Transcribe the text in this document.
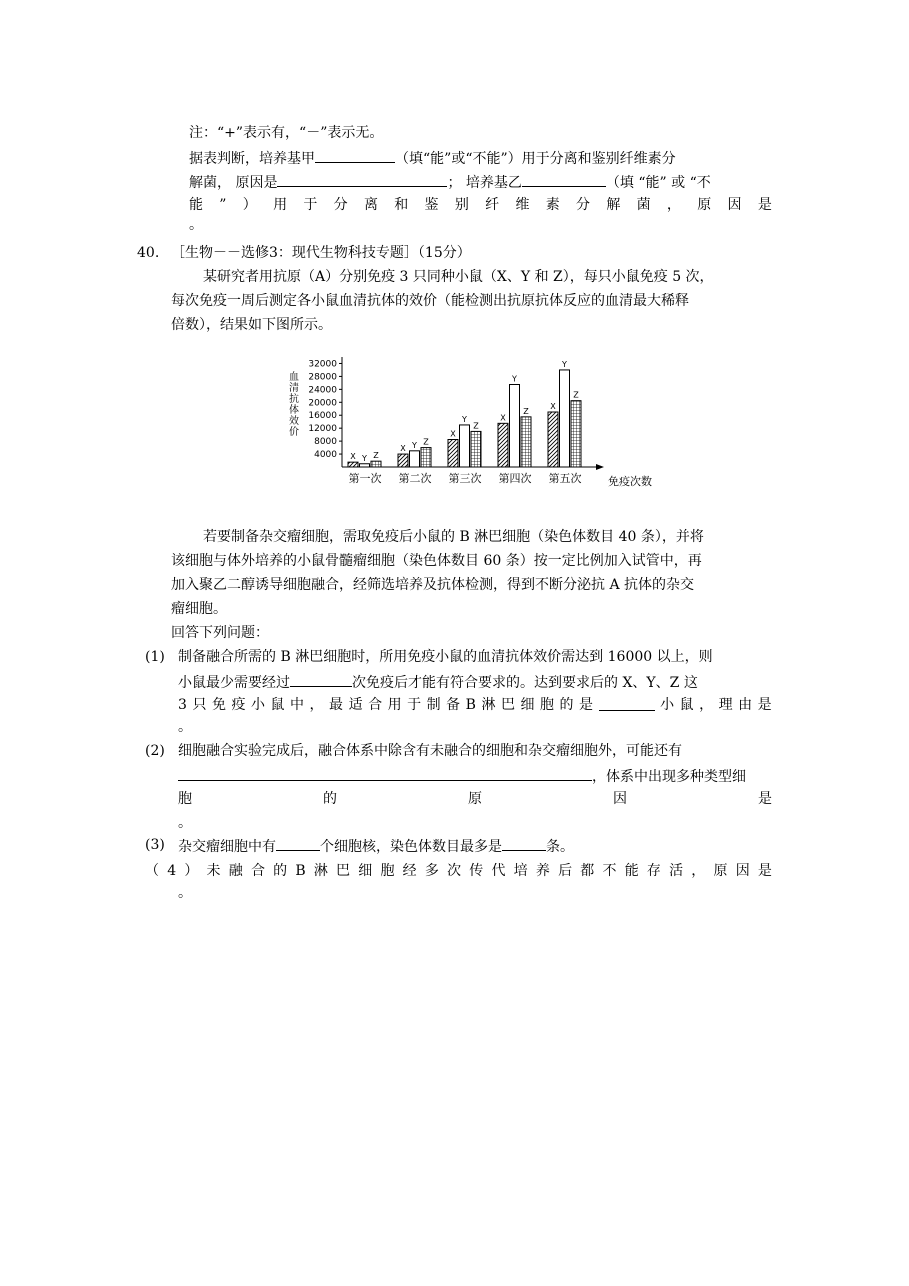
注：“+”表示有，“－”表示无。
据表判断，培养基甲	（填“能”或“不能”）用于分离和鉴别纤维素分
解菌， 原因是	； 培养基乙	（填 “能” 或 “不
能 ” ） 用 于 分 离 和 鉴 别 纤 维 素 分 解 菌 ， 原 因 是
。
40. ［生物－－选修3：现代生物科技专题］（15分）
某研究者用抗原（A）分别免疫 3 只同种小鼠（X、Y 和 Z），每只小鼠免疫 5 次，
每次免疫一周后测定各小鼠血清抗体的效价（能检测出抗原抗体反应的血清最大稀释
倍数），结果如下图所示。
4000
8000
12000
16000
20000
24000
28000
32000
血清抗体效价
免疫次数
X Y Z
第一次
X Y Z
第二次
X
Y
Z
第三次
X
Y
Z
第四次
X
Y
Z
第五次
若要制备杂交瘤细胞，需取免疫后小鼠的 B 淋巴细胞（染色体数目 40 条），并将
该细胞与体外培养的小鼠骨髓瘤细胞（染色体数目 60 条）按一定比例加入试管中，再
加入聚乙二醇诱导细胞融合，经筛选培养及抗体检测，得到不断分泌抗 A 抗体的杂交
瘤细胞。
回答下列问题：
(1) 制备融合所需的 B 淋巴细胞时，所用免疫小鼠的血清抗体效价需达到 16000 以上，则
小鼠最少需要经过	次免疫后才能有符合要求的。达到要求后的 X、Y、Z 这
3 只 免 疫 小 鼠 中 ， 最 适 合 用 于 制 备 B 淋 巴 细 胞 的 是	小 鼠 ， 理 由 是
。
(2) 细胞融合实验完成后，融合体系中除含有未融合的细胞和杂交瘤细胞外，可能还有
，体系中出现多种类型细
胞	的	原	因	是
。
(3) 杂交瘤细胞中有	个细胞核，染色体数目最多是	条。
（ 4 ） 未 融 合 的 B 淋 巴 细 胞 经 多 次 传 代 培 养 后 都 不 能 存 活 ， 原 因 是
。
